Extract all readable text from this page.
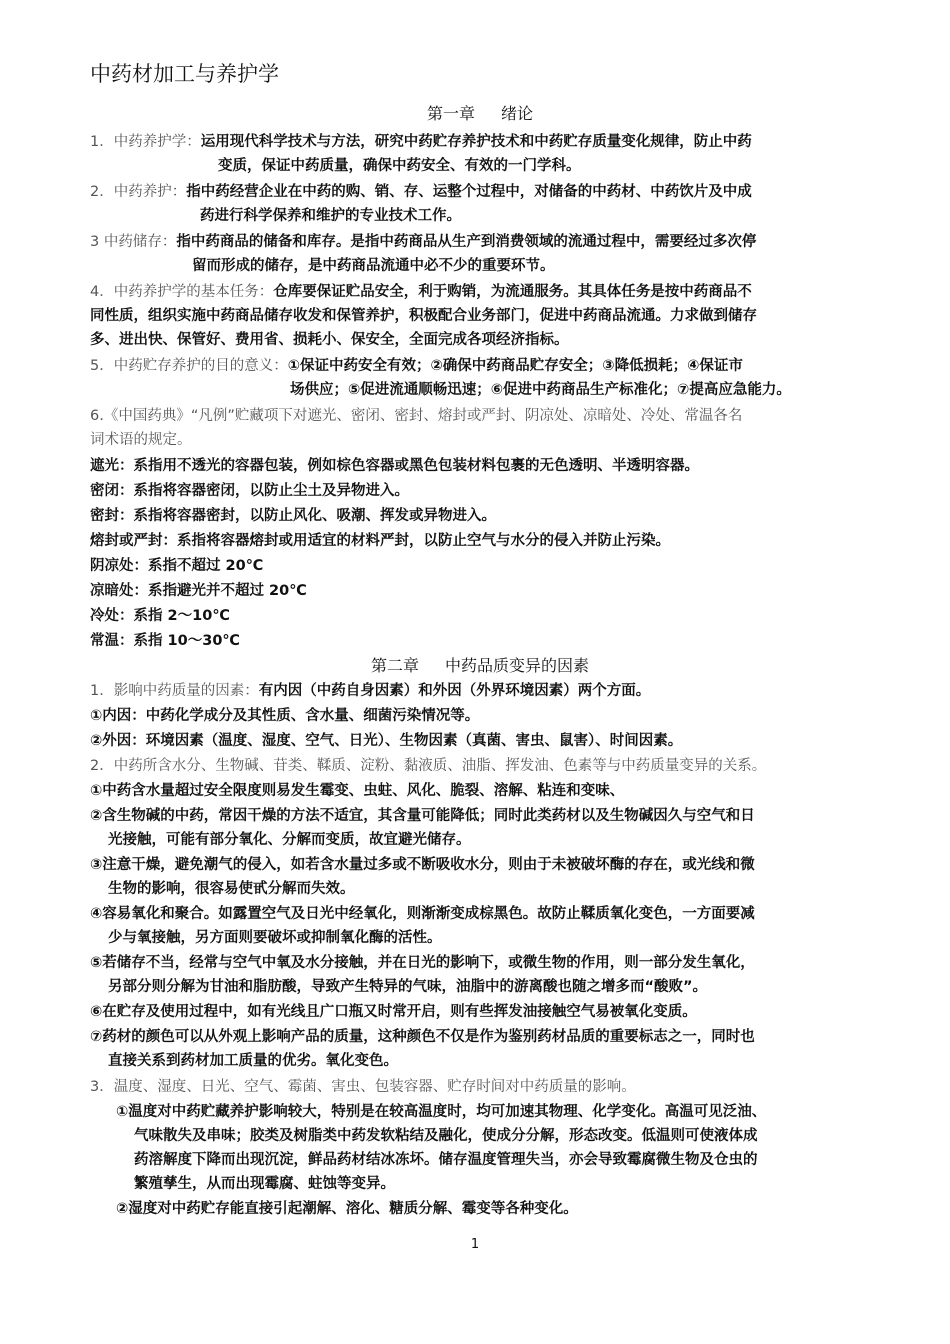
中药材加工与养护学
第一章 绪论
1．中药养护学：运用现代科学技术与方法，研究中药贮存养护技术和中药贮存质量变化规律，防止中药
变质，保证中药质量，确保中药安全、有效的一门学科。
2．中药养护：指中药经营企业在中药的购、销、存、运整个过程中，对储备的中药材、中药饮片及中成
药进行科学保养和维护的专业技术工作。
3 中药储存：指中药商品的储备和库存。是指中药商品从生产到消费领域的流通过程中，需要经过多次停
留而形成的储存，是中药商品流通中必不少的重要环节。
4．中药养护学的基本任务：仓库要保证贮品安全，利于购销，为流通服务。其具体任务是按中药商品不
同性质，组织实施中药商品储存收发和保管养护，积极配合业务部门，促进中药商品流通。力求做到储存
多、进出快、保管好、费用省、损耗小、保安全，全面完成各项经济指标。
5．中药贮存养护的目的意义：①保证中药安全有效；②确保中药商品贮存安全；③降低损耗；④保证市
场供应；⑤促进流通顺畅迅速；⑥促进中药商品生产标准化；⑦提高应急能力。
6.《中国药典》“凡例”贮藏项下对遮光、密闭、密封、熔封或严封、阴凉处、凉暗处、冷处、常温各名
词术语的规定。
遮光：系指用不透光的容器包装，例如棕色容器或黑色包装材料包裹的无色透明、半透明容器。
密闭：系指将容器密闭，以防止尘土及异物进入。
密封：系指将容器密封，以防止风化、吸潮、挥发或异物进入。
熔封或严封：系指将容器熔封或用适宜的材料严封，以防止空气与水分的侵入并防止污染。
阴凉处：系指不超过 20℃
凉暗处：系指避光并不超过 20℃
冷处：系指 2～10℃
常温：系指 10～30℃
第二章 中药品质变异的因素
1．影响中药质量的因素：有内因（中药自身因素）和外因（外界环境因素）两个方面。
①内因：中药化学成分及其性质、含水量、细菌污染情况等。
②外因：环境因素（温度、湿度、空气、日光）、生物因素（真菌、害虫、鼠害）、时间因素。
2．中药所含水分、生物碱、苷类、鞣质、淀粉、黏液质、油脂、挥发油、色素等与中药质量变异的关系。
①中药含水量超过安全限度则易发生霉变、虫蛀、风化、脆裂、溶解、粘连和变味、
②含生物碱的中药，常因干燥的方法不适宜，其含量可能降低；同时此类药材以及生物碱因久与空气和日
光接触，可能有部分氧化、分解而变质，故宜避光储存。
③注意干燥，避免潮气的侵入，如若含水量过多或不断吸收水分，则由于未被破坏酶的存在，或光线和微
生物的影响，很容易使甙分解而失效。
④容易氧化和聚合。如露置空气及日光中经氧化，则渐渐变成棕黑色。故防止鞣质氧化变色，一方面要减
少与氧接触，另方面则要破坏或抑制氧化酶的活性。
⑤若储存不当，经常与空气中氧及水分接触，并在日光的影响下，或微生物的作用，则一部分发生氧化，
另部分则分解为甘油和脂肪酸，导致产生特异的气味，油脂中的游离酸也随之增多而“酸败”。
⑥在贮存及使用过程中，如有光线且广口瓶又时常开启，则有些挥发油接触空气易被氧化变质。
⑦药材的颜色可以从外观上影响产品的质量，这种颜色不仅是作为鉴别药材品质的重要标志之一，同时也
直接关系到药材加工质量的优劣。氧化变色。
3．温度、湿度、日光、空气、霉菌、害虫、包装容器、贮存时间对中药质量的影响。
①温度对中药贮藏养护影响较大，特别是在较高温度时，均可加速其物理、化学变化。高温可见泛油、
气味散失及串味；胶类及树脂类中药发软粘结及融化，使成分分解，形态改变。低温则可使液体成
药溶解度下降而出现沉淀，鲜品药材结冰冻坏。储存温度管理失当，亦会导致霉腐微生物及仓虫的
繁殖孳生，从而出现霉腐、蛀蚀等变异。
②湿度对中药贮存能直接引起潮解、溶化、糖质分解、霉变等各种变化。
1
